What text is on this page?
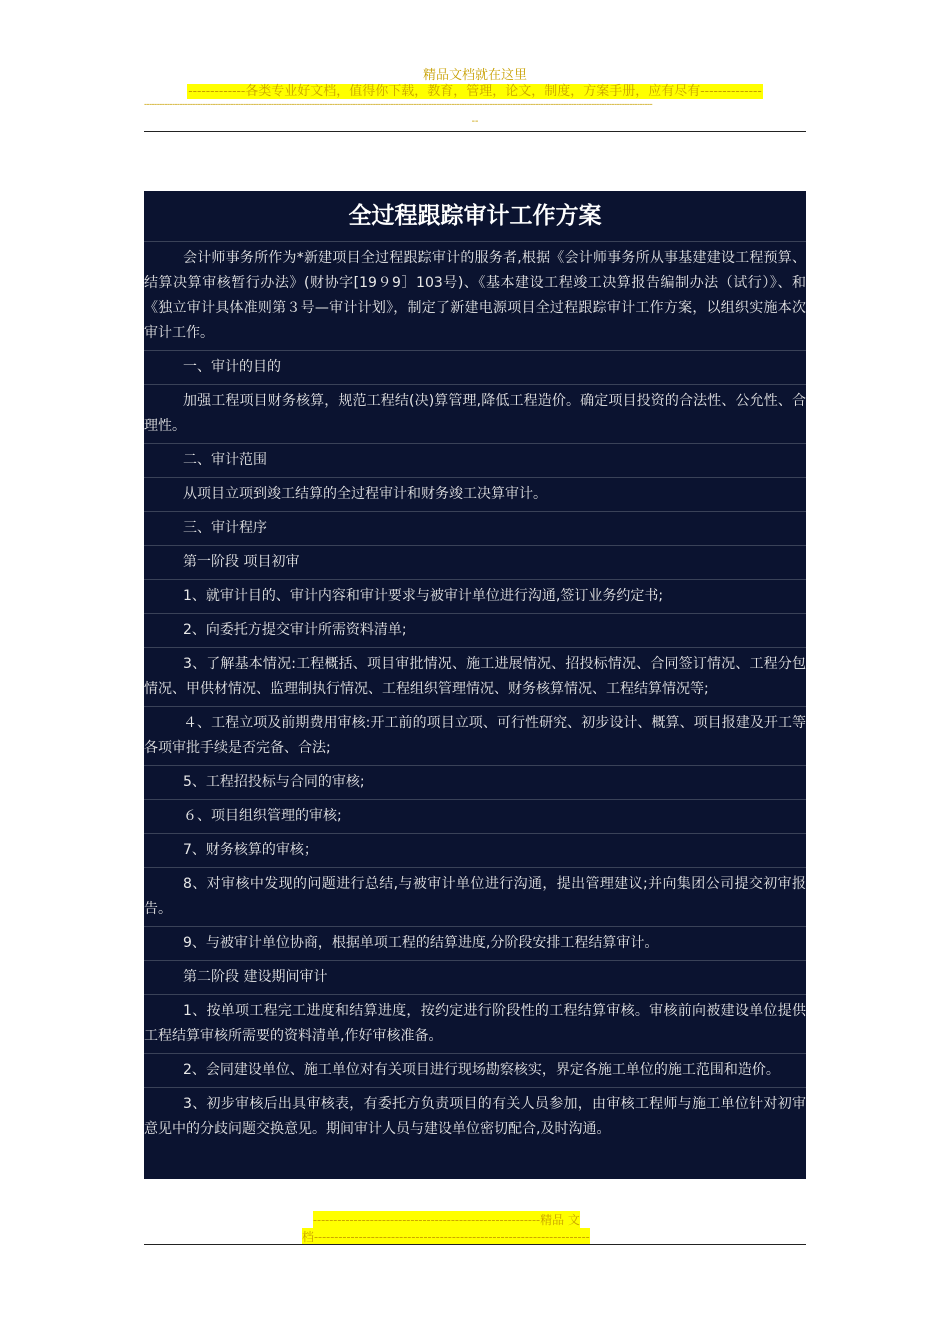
精品文档就在这里
-------------各类专业好文档，值得你下载，教育，管理，论文，制度，方案手册，应有尽有--------------
--------------------------------------------------------------------------------------------------------------------------------------------------------------------------------------------------------
--
全过程跟踪审计工作方案

会计师事务所作为*新建项目全过程跟踪审计的服务者,根据《会计师事务所从事基建建设工程预算、结算决算审核暂行办法》(财协字[19９9］103号)、《基本建设工程竣工决算报告编制办法（试行）》、和《独立审计具体准则第３号—审计计划》，制定了新建电源项目全过程跟踪审计工作方案，以组织实施本次审计工作。

一、审计的目的

加强工程项目财务核算，规范工程结(决)算管理,降低工程造价。确定项目投资的合法性、公允性、合理性。

二、审计范围

从项目立项到竣工结算的全过程审计和财务竣工决算审计。

三、审计程序

第一阶段 项目初审

1、就审计目的、审计内容和审计要求与被审计单位进行沟通,签订业务约定书;

2、向委托方提交审计所需资料清单;

3、了解基本情况:工程概括、项目审批情况、施工进展情况、招投标情况、合同签订情况、工程分包情况、甲供材情况、监理制执行情况、工程组织管理情况、财务核算情况、工程结算情况等;

４、工程立项及前期费用审核:开工前的项目立项、可行性研究、初步设计、概算、项目报建及开工等各项审批手续是否完备、合法;

5、工程招投标与合同的审核;

６、项目组织管理的审核;

7、财务核算的审核；

8、对审核中发现的问题进行总结,与被审计单位进行沟通，提出管理建议;并向集团公司提交初审报告。

9、与被审计单位协商，根据单项工程的结算进度,分阶段安排工程结算审计。

第二阶段 建设期间审计

1、按单项工程完工进度和结算进度，按约定进行阶段性的工程结算审核。审核前向被建设单位提供工程结算审核所需要的资料清单,作好审核准备。

2、会同建设单位、施工单位对有关项目进行现场勘察核实，界定各施工单位的施工范围和造价。

3、初步审核后出具审核表，有委托方负责项目的有关人员参加，由审核工程师与施工单位针对初审意见中的分歧问题交换意见。期间审计人员与建设单位密切配合,及时沟通。

--------------------------------------------------------精品 文
档--------------------------------------------------------------------
